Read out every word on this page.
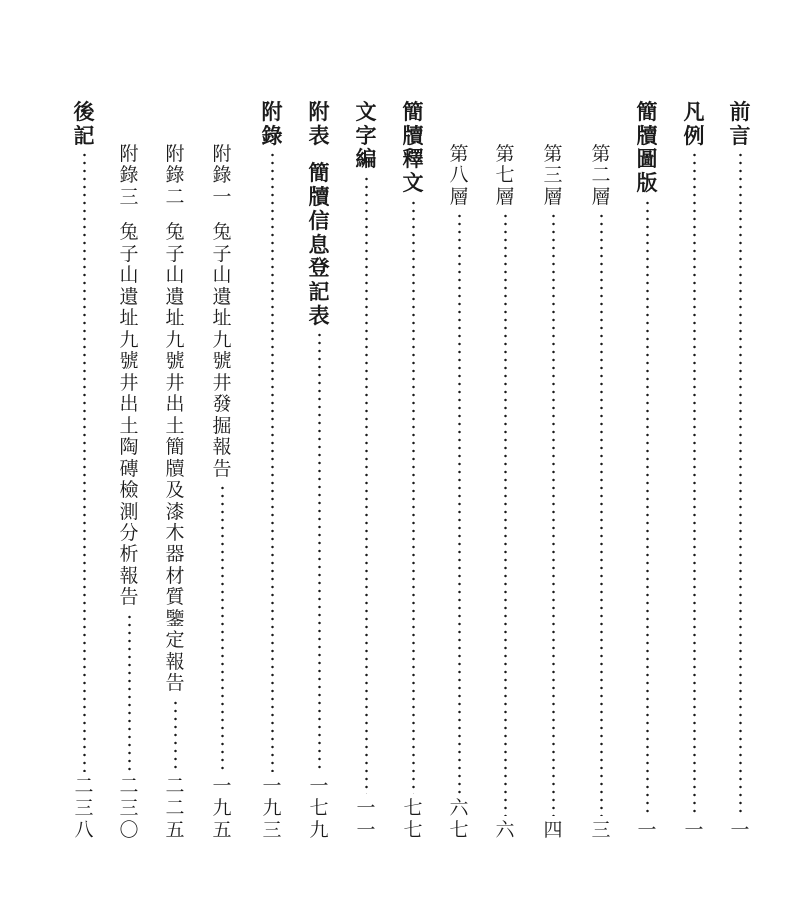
前
言
一
凡
例
一
簡
牘
圖
版
一
第
二
層
三
第
三
層
四
第
七
層
六
第
八
層
六
七
簡
牘
釋
文
七
七
文
字
編
一
一
附
表
簡
牘
信
息
登
記
表
一
七
九
附
錄
一
九
三
附
錄
一
兔
子
山
遺
址
九
號
井
發
掘
報
告
一
九
五
附
錄
二
兔
子
山
遺
址
九
號
井
出
土
簡
牘
及
漆
木
器
材
質
鑒
定
報
告
二
二
五
附
錄
三
兔
子
山
遺
址
九
號
井
出
土
陶
磚
檢
測
分
析
報
告
二
三
〇
後
記
二
三
八
